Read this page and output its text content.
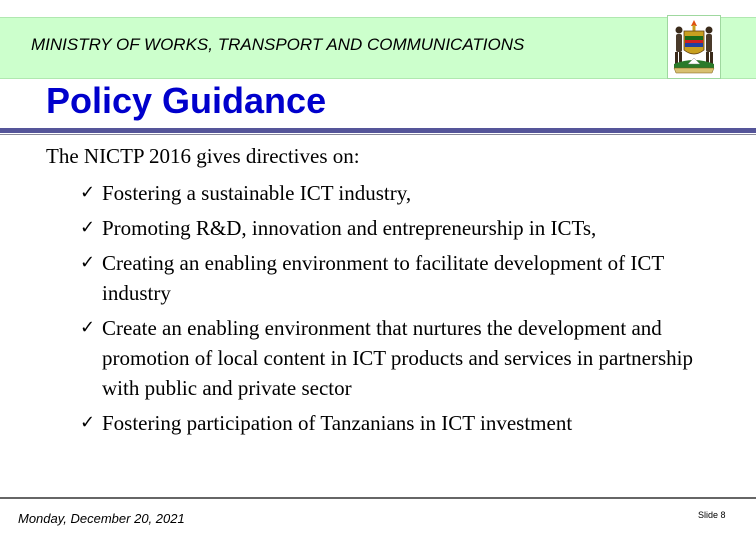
MINISTRY OF WORKS, TRANSPORT AND COMMUNICATIONS
Policy Guidance
The NICTP 2016 gives directives on:
✓ Fostering a sustainable ICT industry,
✓ Promoting R&D, innovation and entrepreneurship in ICTs,
✓ Creating an enabling environment to facilitate development of ICT industry
✓ Create an enabling environment that nurtures the development and promotion of local content in ICT products and services in partnership with public and private sector
✓ Fostering participation of Tanzanians in ICT investment
Monday, December 20, 2021	Slide 8
